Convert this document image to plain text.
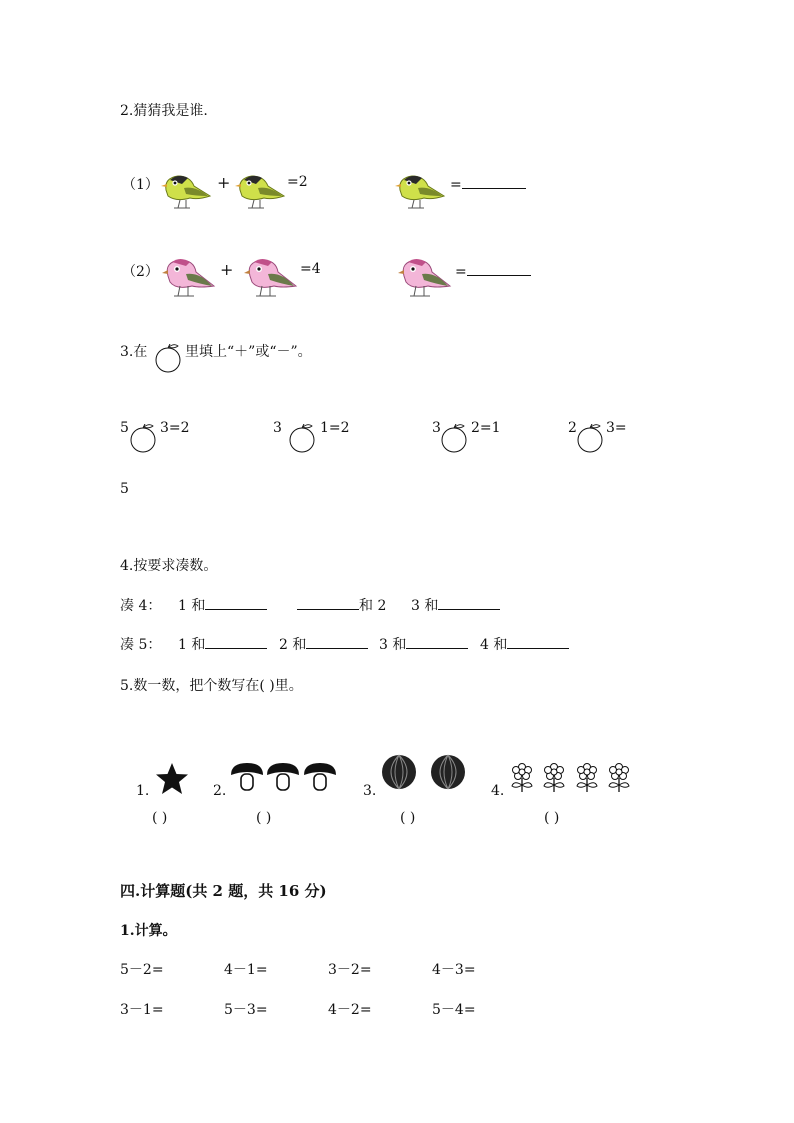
2.猜猜我是谁.
（1）	+	=2	=
（2）	+	=4	=
3.在	里填上“＋”或“－”。
5 3=2	3	1=2	3 2=1	2 3=
5
4.按要求凑数。
凑 4： 1 和	和 2 3 和
凑 5： 1 和	2 和	3 和	4 和
5.数一数，把个数写在( )里。
1.
( )
2.
( )
3.
( )
4.
( )
四.计算题(共 2 题，共 16 分)
1.计算。
5－2=	4－1=	3－2=	4－3=
3－1=	5－3=	4－2=	5－4=
